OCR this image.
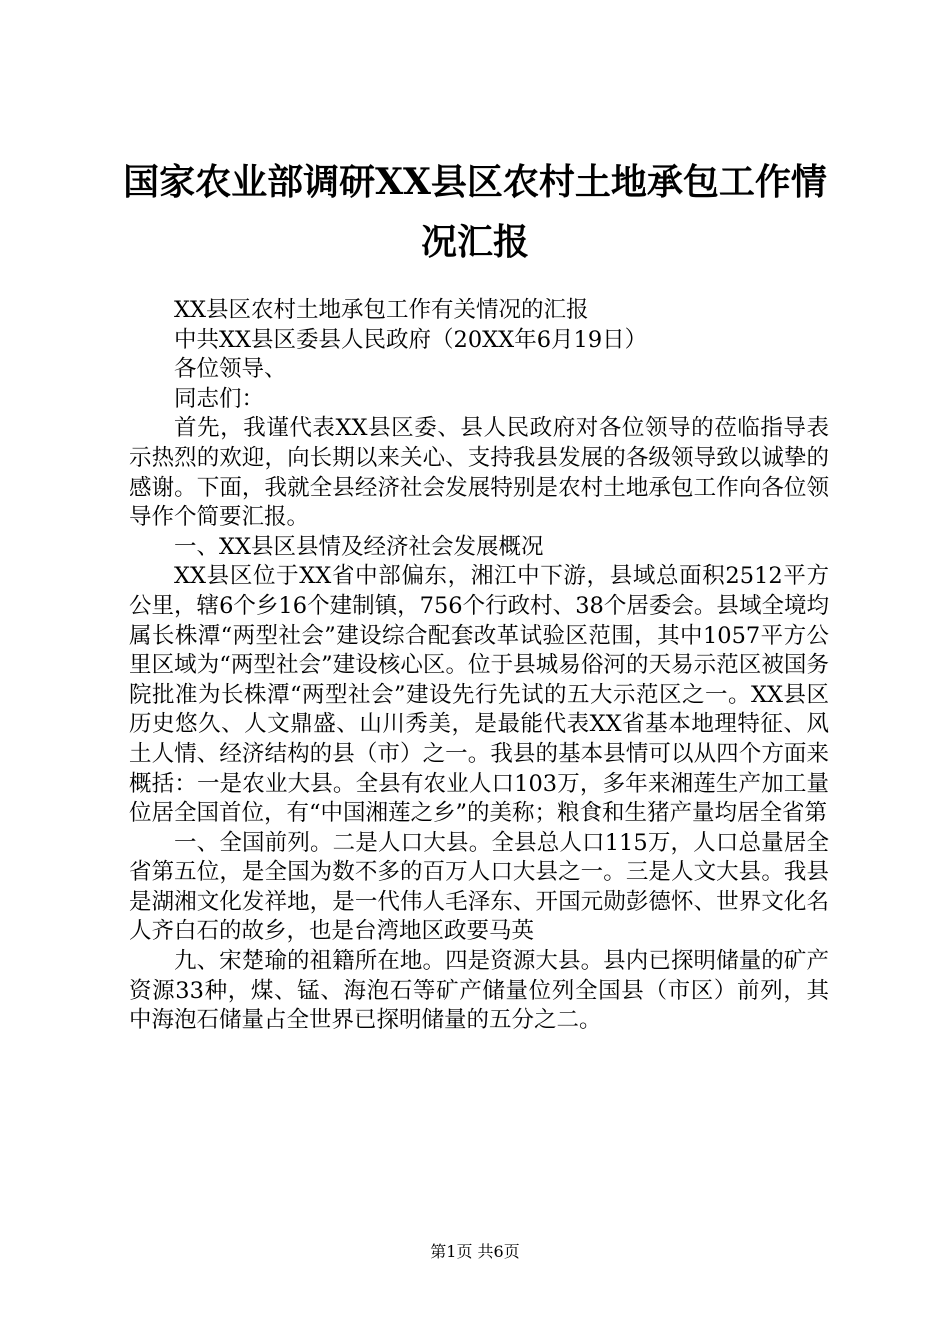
国家农业部调研XX县区农村土地承包工作情
况汇报

XX县区农村土地承包工作有关情况的汇报

中共XX县区委县人民政府（20XX年6月19日）

各位领导、

同志们：

首先，我谨代表XX县区委、县人民政府对各位领导的莅临指导表示热烈的欢迎，向长期以来关心、支持我县发展的各级领导致以诚挚的感谢。下面，我就全县经济社会发展特别是农村土地承包工作向各位领导作个简要汇报。

一、XX县区县情及经济社会发展概况

XX县区位于XX省中部偏东，湘江中下游，县域总面积2512平方公里，辖6个乡16个建制镇，756个行政村、38个居委会。县域全境均属长株潭“两型社会”建设综合配套改革试验区范围，其中1057平方公里区域为“两型社会”建设核心区。位于县城易俗河的天易示范区被国务院批准为长株潭“两型社会”建设先行先试的五大示范区之一。XX县区历史悠久、人文鼎盛、山川秀美，是最能代表XX省基本地理特征、风土人情、经济结构的县（市）之一。我县的基本县情可以从四个方面来概括：一是农业大县。全县有农业人口103万，多年来湘莲生产加工量位居全国首位，有“中国湘莲之乡”的美称；粮食和生猪产量均居全省第

一、全国前列。二是人口大县。全县总人口115万，人口总量居全省第五位，是全国为数不多的百万人口大县之一。三是人文大县。我县是湖湘文化发祥地，是一代伟人毛泽东、开国元勋彭德怀、世界文化名人齐白石的故乡，也是台湾地区政要马英

九、宋楚瑜的祖籍所在地。四是资源大县。县内已探明储量的矿产资源33种，煤、锰、海泡石等矿产储量位列全国县（市区）前列，其中海泡石储量占全世界已探明储量的五分之二。

第1页 共6页
